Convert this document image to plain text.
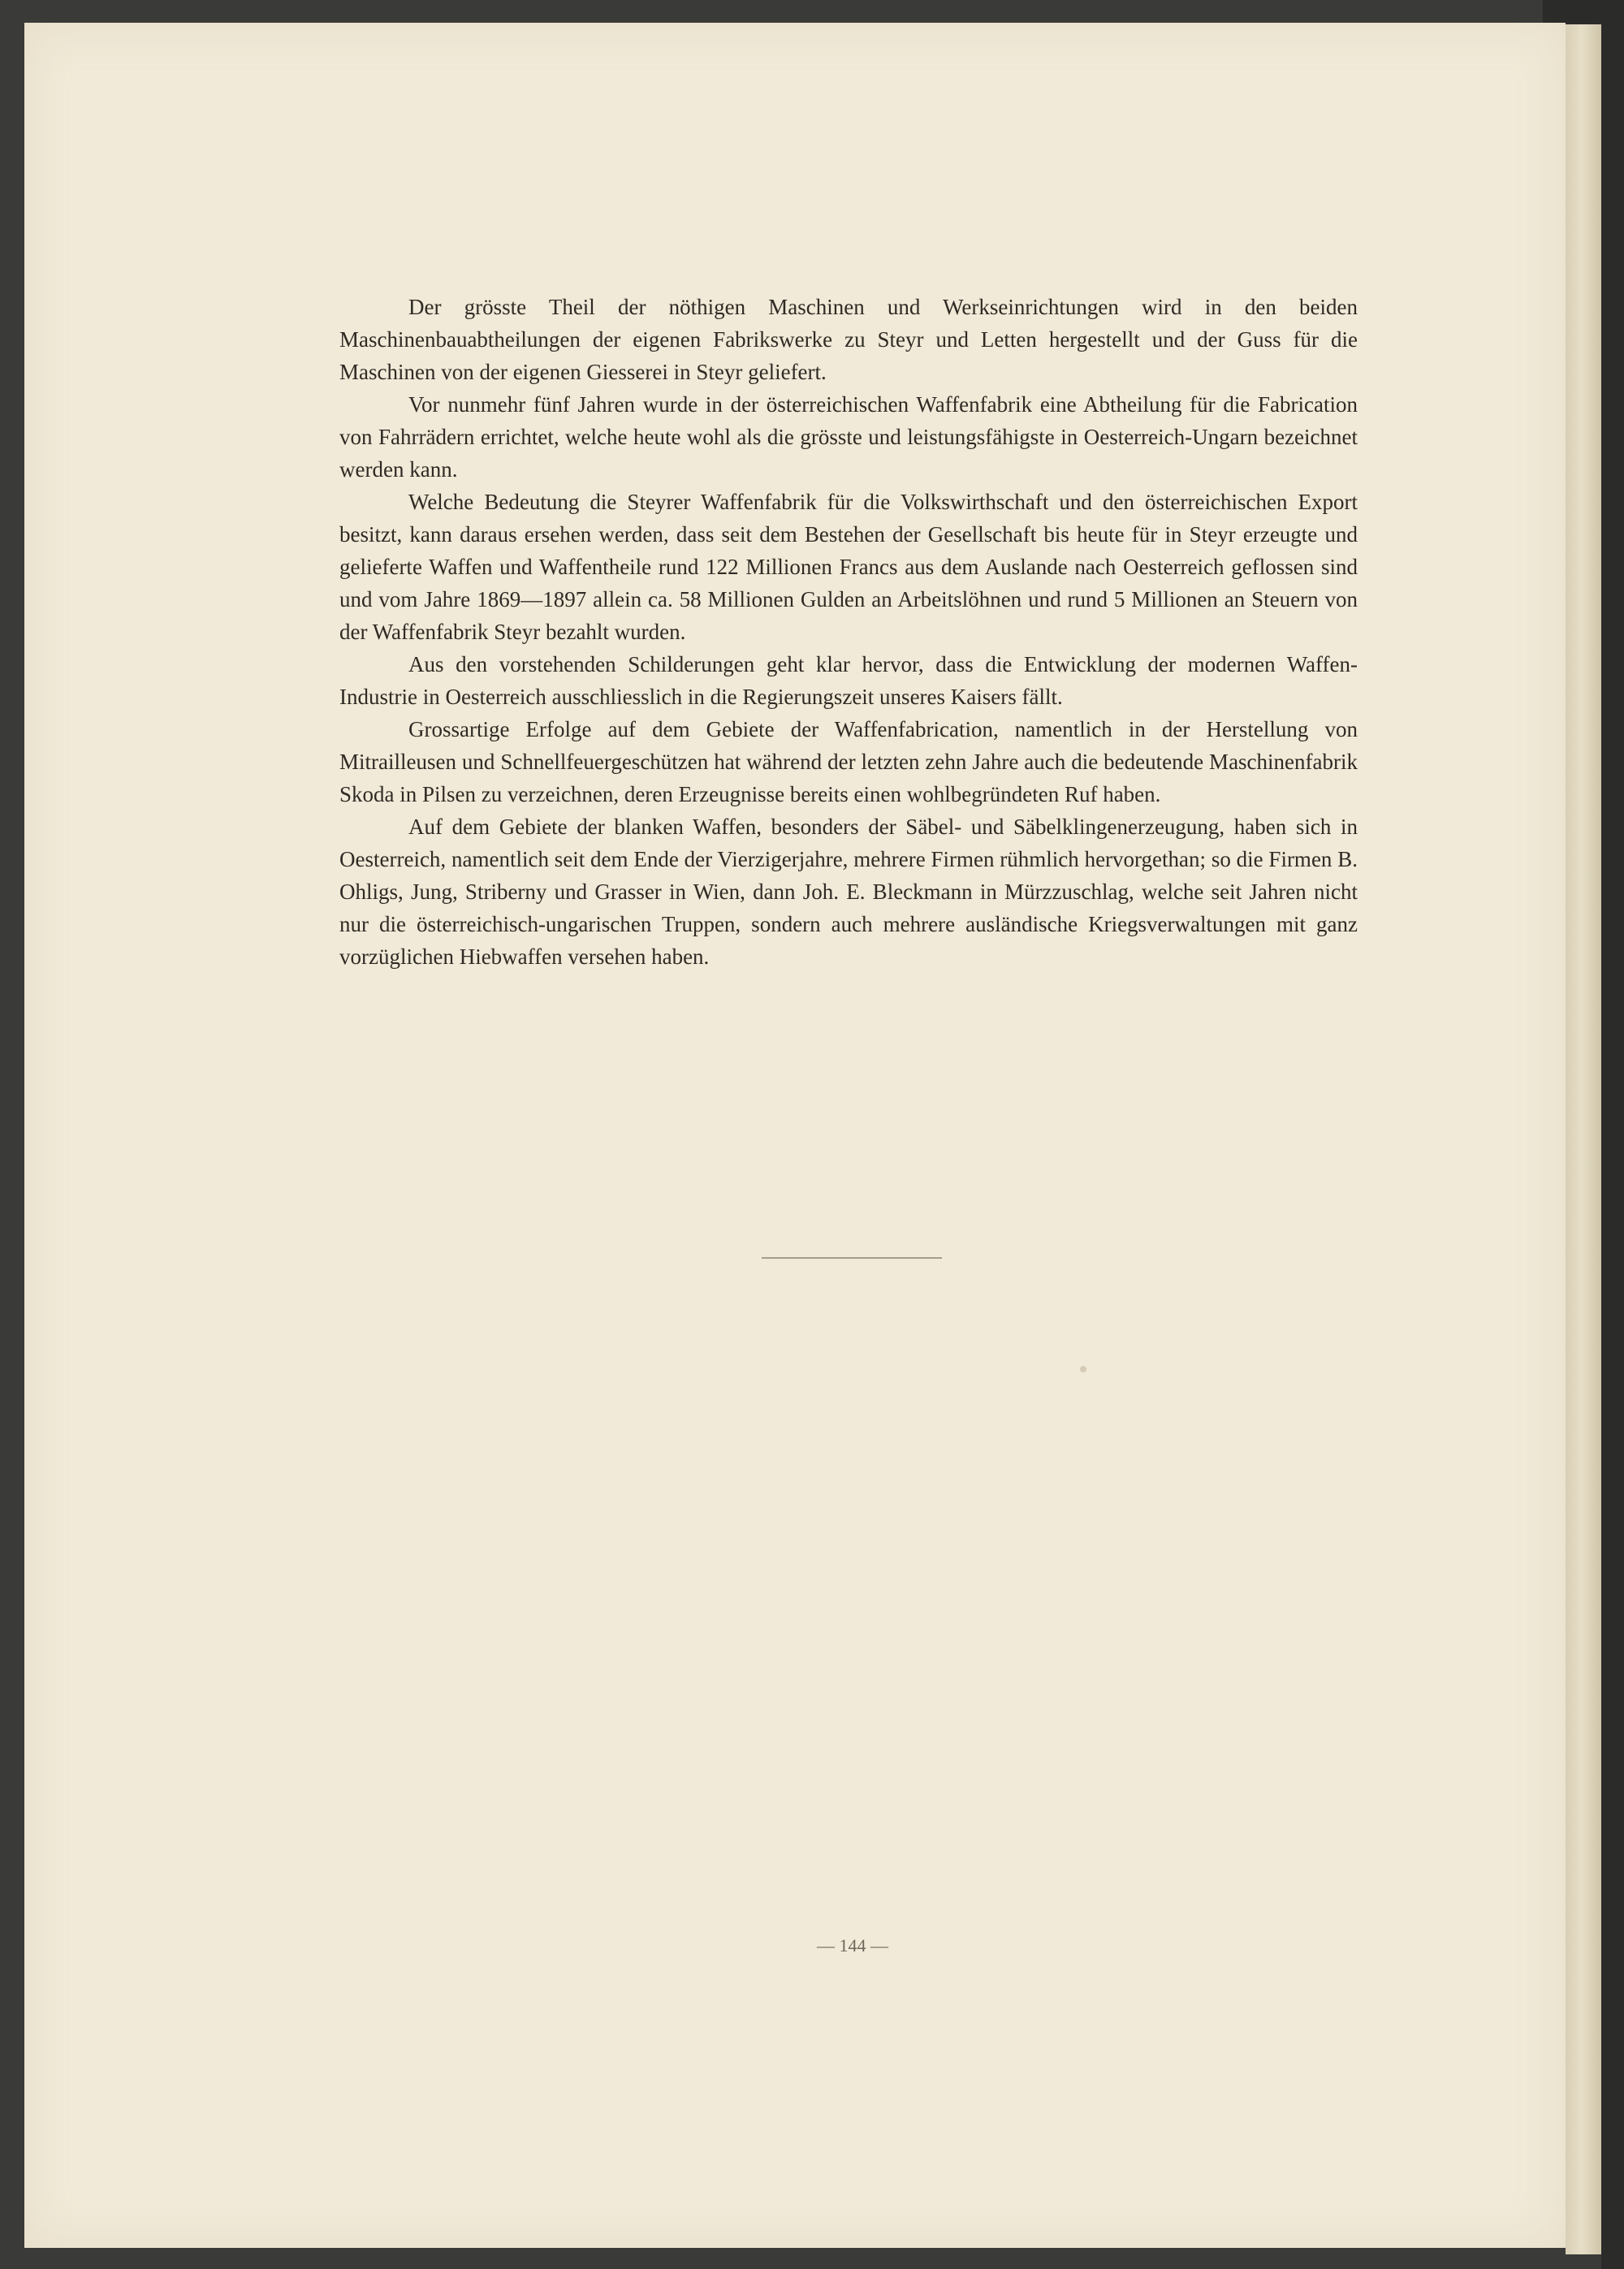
Der grösste Theil der nöthigen Maschinen und Werkseinrichtungen wird in den beiden Maschinenbauabtheilungen der eigenen Fabrikswerke zu Steyr und Letten hergestellt und der Guss für die Maschinen von der eigenen Giesserei in Steyr geliefert.

Vor nunmehr fünf Jahren wurde in der österreichischen Waffenfabrik eine Abtheilung für die Fabrication von Fahrrädern errichtet, welche heute wohl als die grösste und leistungsfähigste in Oesterreich-Ungarn bezeichnet werden kann.

Welche Bedeutung die Steyrer Waffenfabrik für die Volkswirthschaft und den österreichischen Export besitzt, kann daraus ersehen werden, dass seit dem Bestehen der Gesellschaft bis heute für in Steyr erzeugte und gelieferte Waffen und Waffentheile rund 122 Millionen Francs aus dem Auslande nach Oesterreich geflossen sind und vom Jahre 1869—1897 allein ca. 58 Millionen Gulden an Arbeitslöhnen und rund 5 Millionen an Steuern von der Waffenfabrik Steyr bezahlt wurden.

Aus den vorstehenden Schilderungen geht klar hervor, dass die Entwicklung der modernen Waffen-Industrie in Oesterreich ausschliesslich in die Regierungszeit unseres Kaisers fällt.

Grossartige Erfolge auf dem Gebiete der Waffenfabrication, namentlich in der Herstellung von Mitrailleusen und Schnellfeuergeschützen hat während der letzten zehn Jahre auch die bedeutende Maschinenfabrik Skoda in Pilsen zu verzeichnen, deren Erzeugnisse bereits einen wohlbegründeten Ruf haben.

Auf dem Gebiete der blanken Waffen, besonders der Säbel- und Säbelklingenerzeugung, haben sich in Oesterreich, namentlich seit dem Ende der Vierzigerjahre, mehrere Firmen rühmlich hervorgethan; so die Firmen B. Ohligs, Jung, Striberny und Grasser in Wien, dann Joh. E. Bleckmann in Mürzzuschlag, welche seit Jahren nicht nur die österreichisch-ungarischen Truppen, sondern auch mehrere ausländische Kriegsverwaltungen mit ganz vorzüglichen Hiebwaffen versehen haben.

— 144 —
